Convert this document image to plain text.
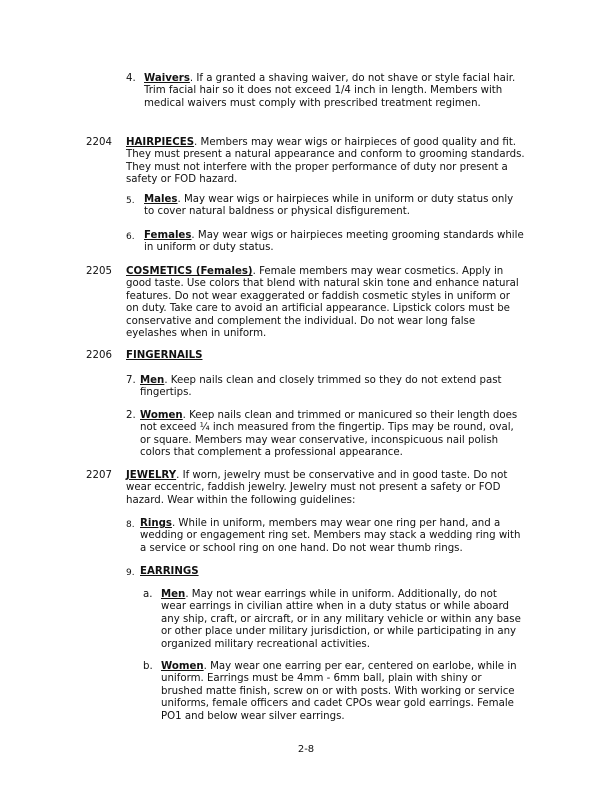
4. Waivers. If a granted a shaving waiver, do not shave or style facial hair. Trim facial hair so it does not exceed 1/4 inch in length. Members with medical waivers must comply with prescribed treatment regimen.
2204 HAIRPIECES. Members may wear wigs or hairpieces of good quality and fit. They must present a natural appearance and conform to grooming standards. They must not interfere with the proper performance of duty nor present a safety or FOD hazard.
5. Males. May wear wigs or hairpieces while in uniform or duty status only to cover natural baldness or physical disfigurement.
6. Females. May wear wigs or hairpieces meeting grooming standards while in uniform or duty status.
2205 COSMETICS (Females). Female members may wear cosmetics. Apply in good taste. Use colors that blend with natural skin tone and enhance natural features. Do not wear exaggerated or faddish cosmetic styles in uniform or on duty. Take care to avoid an artificial appearance. Lipstick colors must be conservative and complement the individual. Do not wear long false eyelashes when in uniform.
2206 FINGERNAILS
7. Men. Keep nails clean and closely trimmed so they do not extend past fingertips.
2. Women. Keep nails clean and trimmed or manicured so their length does not exceed ¼ inch measured from the fingertip. Tips may be round, oval, or square. Members may wear conservative, inconspicuous nail polish colors that complement a professional appearance.
2207 JEWELRY. If worn, jewelry must be conservative and in good taste. Do not wear eccentric, faddish jewelry. Jewelry must not present a safety or FOD hazard. Wear within the following guidelines:
8. Rings. While in uniform, members may wear one ring per hand, and a wedding or engagement ring set. Members may stack a wedding ring with a service or school ring on one hand. Do not wear thumb rings.
9. EARRINGS
a. Men. May not wear earrings while in uniform. Additionally, do not wear earrings in civilian attire when in a duty status or while aboard any ship, craft, or aircraft, or in any military vehicle or within any base or other place under military jurisdiction, or while participating in any organized military recreational activities.
b. Women. May wear one earring per ear, centered on earlobe, while in uniform. Earrings must be 4mm - 6mm ball, plain with shiny or brushed matte finish, screw on or with posts. With working or service uniforms, female officers and cadet CPOs wear gold earrings. Female PO1 and below wear silver earrings.
2-8
